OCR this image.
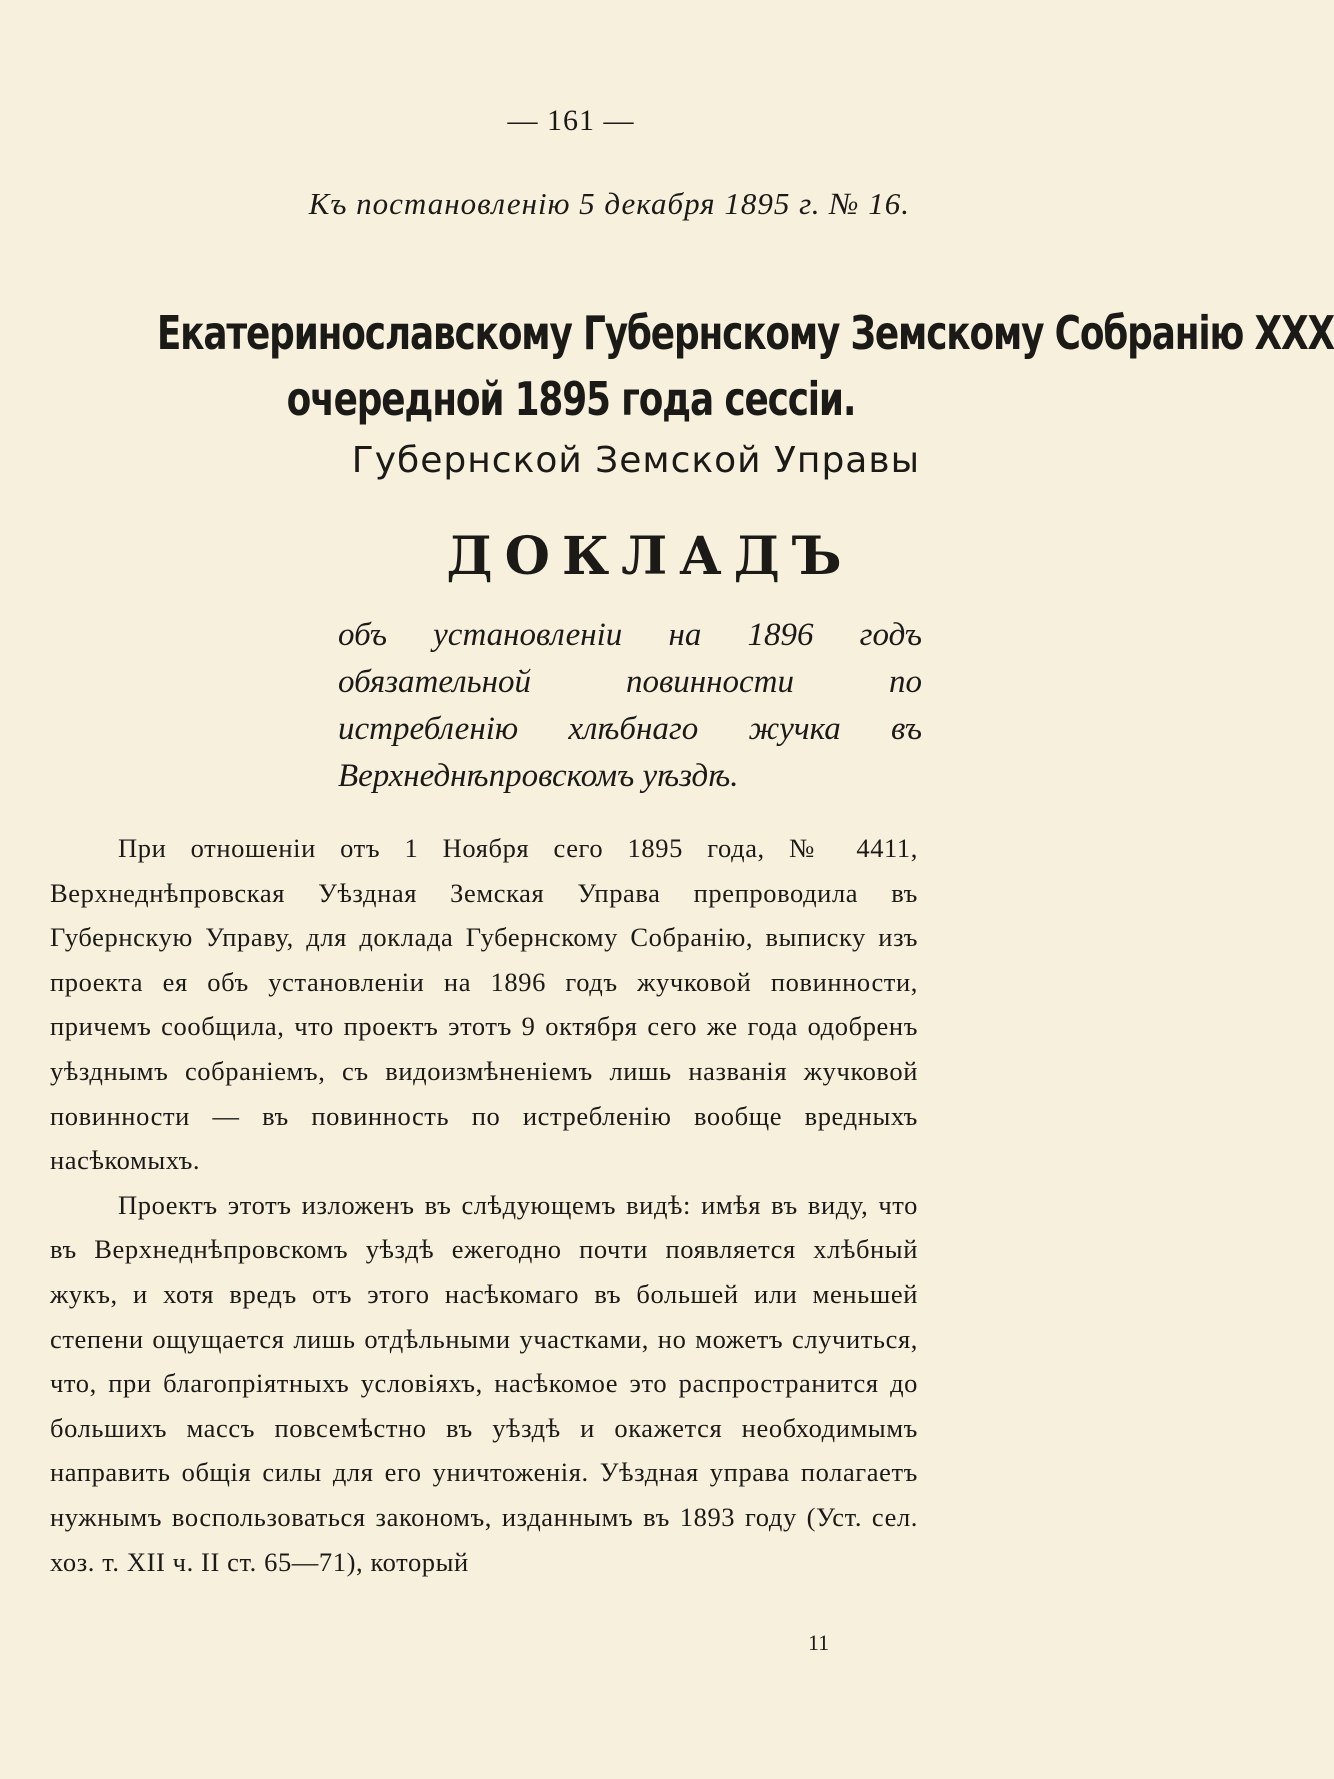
— 161 —
Къ постановленію 5 декабря 1895 г. № 16.
Екатеринославскому Губернскому Земскому Собранію XXX
очередной 1895 года сессіи.
Губернской Земской Управы
ДОКЛАДЪ
объ установленіи на 1896 годъ обязательной повинности по истребленію хлѣбнаго жучка въ Верхнеднѣпровскомъ уѣздѣ.

При отношеніи отъ 1 Ноября сего 1895 года, № 4411, Верхнеднѣпровская Уѣздная Земская Управа препроводила въ Губернскую Управу, для доклада Губернскому Собранію, выписку изъ проекта ея объ установленіи на 1896 годъ жучковой повинности, причемъ сообщила, что проектъ этотъ 9 октября сего же года одобренъ уѣзднымъ собраніемъ, съ видоизмѣненіемъ лишь названія жучковой повинности — въ повинность по истребленію вообще вредныхъ насѣкомыхъ.

Проектъ этотъ изложенъ въ слѣдующемъ видѣ: имѣя въ виду, что въ Верхнеднѣпровскомъ уѣздѣ ежегодно почти появляется хлѣбный жукъ, и хотя вредъ отъ этого насѣкомаго въ большей или меньшей степени ощущается лишь отдѣльными участками, но можетъ случиться, что, при благопріятныхъ условіяхъ, насѣкомое это распространится до большихъ массъ повсемѣстно въ уѣздѣ и окажется необходимымъ направить общія силы для его уничтоженія. Уѣздная управа полагаетъ нужнымъ воспользоваться закономъ, изданнымъ въ 1893 году (Уст. сел. хоз. т. XII ч. II ст. 65—71), который

11
